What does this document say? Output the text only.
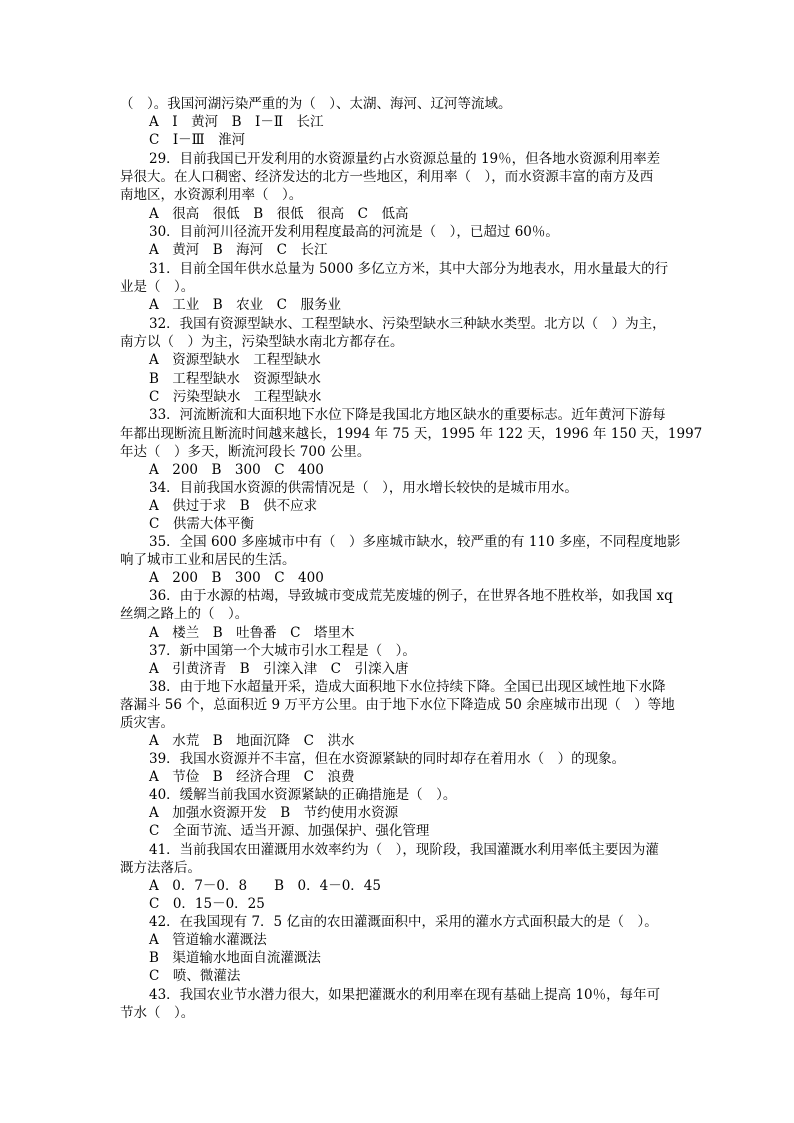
（　）。我国河湖污染严重的为（　）、太湖、海河、辽河等流域。
A　Ⅰ　黄河　B　Ⅰ－Ⅱ　长江
C　Ⅰ－Ⅲ　淮河
29．目前我国已开发利用的水资源量约占水资源总量的 19％，但各地水资源利用率差
异很大。在人口稠密、经济发达的北方一些地区，利用率（　），而水资源丰富的南方及西
南地区，水资源利用率（　）。
A　很高　很低　B　很低　很高　C　低高
30．目前河川径流开发利用程度最高的河流是（　），已超过 60％。
A　黄河　B　海河　C　长江
31．目前全国年供水总量为 5000 多亿立方米，其中大部分为地表水，用水量最大的行
业是（　）。
A　工业　B　农业　C　服务业
32．我国有资源型缺水、工程型缺水、污染型缺水三种缺水类型。北方以（　）为主，
南方以（　）为主，污染型缺水南北方都存在。
A　资源型缺水　工程型缺水
B　工程型缺水　资源型缺水
C　污染型缺水　工程型缺水
33．河流断流和大面积地下水位下降是我国北方地区缺水的重要标志。近年黄河下游每
年都出现断流且断流时间越来越长，1994 年 75 天，1995 年 122 天，1996 年 150 天，1997
年达（　）多天，断流河段长 700 公里。
A　200　B　300　C　400
34．目前我国水资源的供需情况是（　），用水增长较快的是城市用水。
A　供过于求　B　供不应求
C　供需大体平衡
35．全国 600 多座城市中有（　）多座城市缺水，较严重的有 110 多座，不同程度地影
响了城市工业和居民的生活。
A　200　B　300　C　400
36．由于水源的枯竭，导致城市变成荒芜废墟的例子，在世界各地不胜枚举，如我国 xq
丝绸之路上的（　）。
A　楼兰　B　吐鲁番　C　塔里木
37．新中国第一个大城市引水工程是（　）。
A　引黄济青　B　引滦入津　C　引滦入唐
38．由于地下水超量开采，造成大面积地下水位持续下降。全国已出现区域性地下水降
落漏斗 56 个，总面积近 9 万平方公里。由于地下水位下降造成 50 余座城市出现（　）等地
质灾害。
A　水荒　B　地面沉降　C　洪水
39．我国水资源并不丰富，但在水资源紧缺的同时却存在着用水（　）的现象。
A　节俭　B　经济合理　C　浪费
40．缓解当前我国水资源紧缺的正确措施是（　）。
A　加强水资源开发　B　节约使用水资源
C　全面节流、适当开源、加强保护、强化管理
41．当前我国农田灌溉用水效率约为（　），现阶段，我国灌溉水利用率低主要因为灌
溉方法落后。
A　0．7－0．8　　B　0．4－0．45
C　0．15－0．25
42．在我国现有 7．5 亿亩的农田灌溉面积中，采用的灌水方式面积最大的是（　）。
A　管道输水灌溉法
B　渠道输水地面自流灌溉法
C　喷、微灌法
43．我国农业节水潜力很大，如果把灌溉水的利用率在现有基础上提高 10％，每年可
节水（　）。
